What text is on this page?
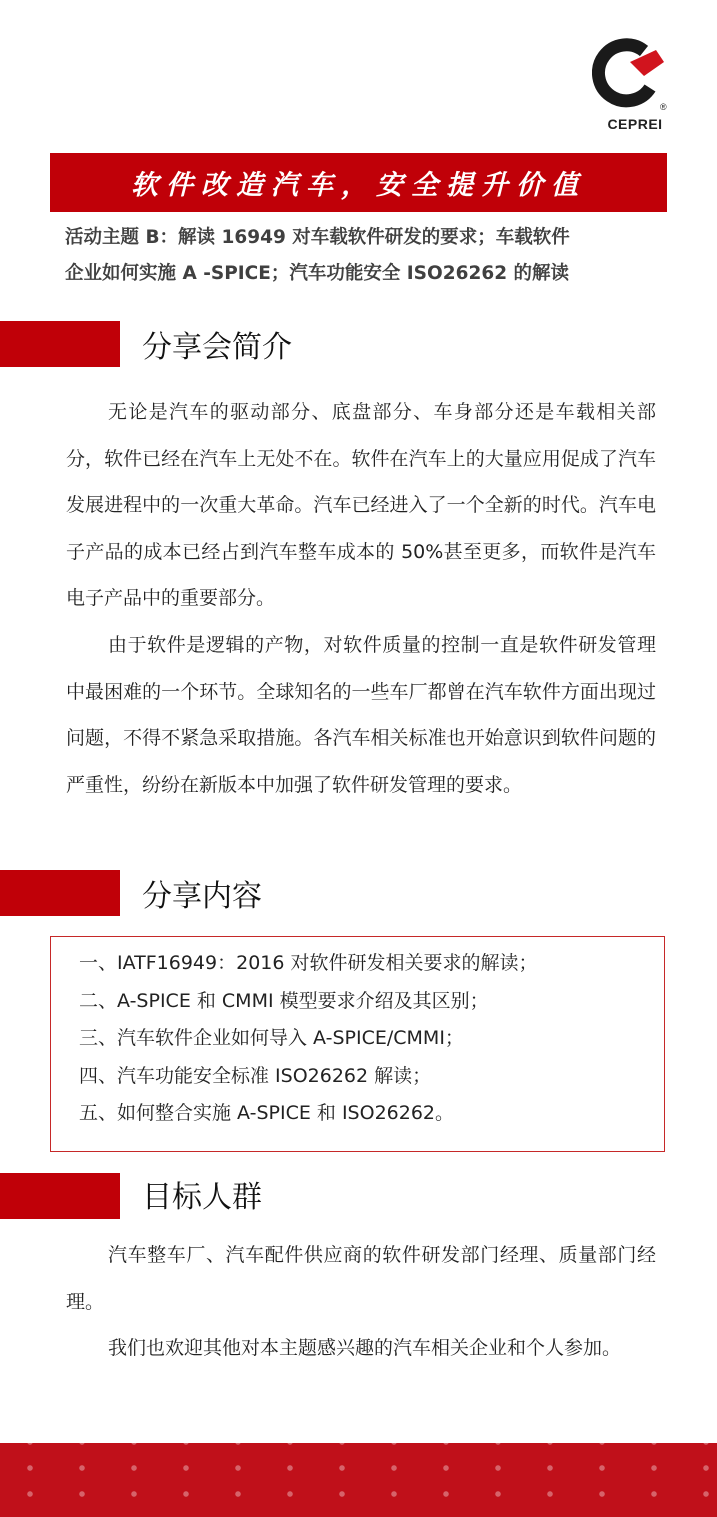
®
CEPREI
软件改造汽车，安全提升价值
活动主题 B：解读 16949 对车载软件研发的要求；车载软件
企业如何实施 A -SPICE；汽车功能安全 ISO26262 的解读
分享会简介

无论是汽车的驱动部分、底盘部分、车身部分还是车载相关部分，软件已经在汽车上无处不在。软件在汽车上的大量应用促成了汽车发展进程中的一次重大革命。汽车已经进入了一个全新的时代。汽车电子产品的成本已经占到汽车整车成本的 50%甚至更多，而软件是汽车电子产品中的重要部分。

由于软件是逻辑的产物，对软件质量的控制一直是软件研发管理中最困难的一个环节。全球知名的一些车厂都曾在汽车软件方面出现过问题，不得不紧急采取措施。各汽车相关标准也开始意识到软件问题的严重性，纷纷在新版本中加强了软件研发管理的要求。

分享内容
一、IATF16949：2016 对软件研发相关要求的解读；
二、A-SPICE 和 CMMI 模型要求介绍及其区别；
三、汽车软件企业如何导入 A-SPICE/CMMI；
四、汽车功能安全标准 ISO26262 解读；
五、如何整合实施 A-SPICE 和 ISO26262。
目标人群

汽车整车厂、汽车配件供应商的软件研发部门经理、质量部门经理。

我们也欢迎其他对本主题感兴趣的汽车相关企业和个人参加。
